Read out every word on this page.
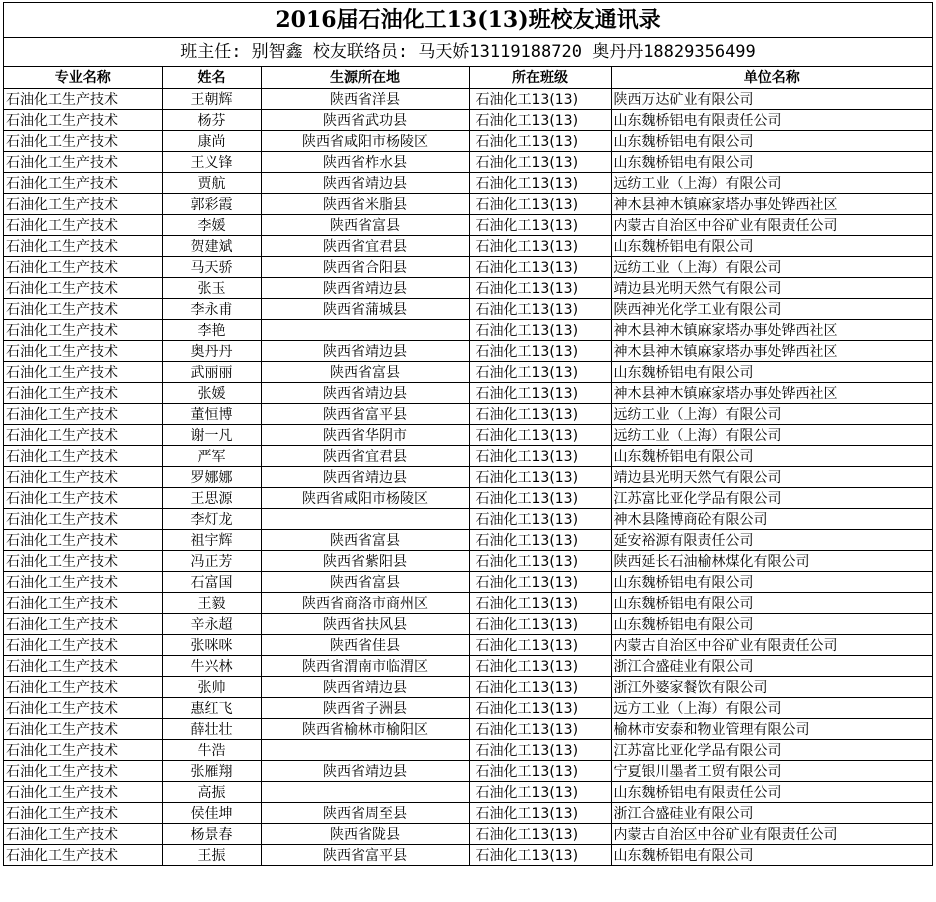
2016届石油化工13(13)班校友通讯录
班主任: 别智鑫 校友联络员: 马天娇13119188720 奥丹丹18829356499
专业名称	姓名	生源所在地	所在班级	单位名称
石油化工生产技术	王朝辉	陕西省洋县	石油化工13(13)	陕西万达矿业有限公司
石油化工生产技术	杨芬	陕西省武功县	石油化工13(13)	山东魏桥铝电有限责任公司
石油化工生产技术	康尚	陕西省咸阳市杨陵区	石油化工13(13)	山东魏桥铝电有限公司
石油化工生产技术	王义锋	陕西省柞水县	石油化工13(13)	山东魏桥铝电有限公司
石油化工生产技术	贾航	陕西省靖边县	石油化工13(13)	远纺工业（上海）有限公司
石油化工生产技术	郭彩霞	陕西省米脂县	石油化工13(13)	神木县神木镇麻家塔办事处铧西社区
石油化工生产技术	李媛	陕西省富县	石油化工13(13)	内蒙古自治区中谷矿业有限责任公司
石油化工生产技术	贺建斌	陕西省宜君县	石油化工13(13)	山东魏桥铝电有限公司
石油化工生产技术	马天骄	陕西省合阳县	石油化工13(13)	远纺工业（上海）有限公司
石油化工生产技术	张玉	陕西省靖边县	石油化工13(13)	靖边县光明天然气有限公司
石油化工生产技术	李永甫	陕西省蒲城县	石油化工13(13)	陕西神光化学工业有限公司
石油化工生产技术	李艳		石油化工13(13)	神木县神木镇麻家塔办事处铧西社区
石油化工生产技术	奥丹丹	陕西省靖边县	石油化工13(13)	神木县神木镇麻家塔办事处铧西社区
石油化工生产技术	武丽丽	陕西省富县	石油化工13(13)	山东魏桥铝电有限公司
石油化工生产技术	张媛	陕西省靖边县	石油化工13(13)	神木县神木镇麻家塔办事处铧西社区
石油化工生产技术	董恒博	陕西省富平县	石油化工13(13)	远纺工业（上海）有限公司
石油化工生产技术	谢一凡	陕西省华阴市	石油化工13(13)	远纺工业（上海）有限公司
石油化工生产技术	严军	陕西省宜君县	石油化工13(13)	山东魏桥铝电有限公司
石油化工生产技术	罗娜娜	陕西省靖边县	石油化工13(13)	靖边县光明天然气有限公司
石油化工生产技术	王思源	陕西省咸阳市杨陵区	石油化工13(13)	江苏富比亚化学品有限公司
石油化工生产技术	李灯龙		石油化工13(13)	神木县隆博商砼有限公司
石油化工生产技术	祖宇辉	陕西省富县	石油化工13(13)	延安裕源有限责任公司
石油化工生产技术	冯正芳	陕西省紫阳县	石油化工13(13)	陕西延长石油榆林煤化有限公司
石油化工生产技术	石富国	陕西省富县	石油化工13(13)	山东魏桥铝电有限公司
石油化工生产技术	王毅	陕西省商洛市商州区	石油化工13(13)	山东魏桥铝电有限公司
石油化工生产技术	辛永超	陕西省扶风县	石油化工13(13)	山东魏桥铝电有限公司
石油化工生产技术	张咪咪	陕西省佳县	石油化工13(13)	内蒙古自治区中谷矿业有限责任公司
石油化工生产技术	牛兴林	陕西省渭南市临渭区	石油化工13(13)	浙江合盛硅业有限公司
石油化工生产技术	张帅	陕西省靖边县	石油化工13(13)	浙江外婆家餐饮有限公司
石油化工生产技术	惠红飞	陕西省子洲县	石油化工13(13)	远方工业（上海）有限公司
石油化工生产技术	薛壮壮	陕西省榆林市榆阳区	石油化工13(13)	榆林市安泰和物业管理有限公司
石油化工生产技术	牛浩		石油化工13(13)	江苏富比亚化学品有限公司
石油化工生产技术	张雁翔	陕西省靖边县	石油化工13(13)	宁夏银川墨者工贸有限公司
石油化工生产技术	高振		石油化工13(13)	山东魏桥铝电有限责任公司
石油化工生产技术	侯佳坤	陕西省周至县	石油化工13(13)	浙江合盛硅业有限公司
石油化工生产技术	杨景春	陕西省陇县	石油化工13(13)	内蒙古自治区中谷矿业有限责任公司
石油化工生产技术	王振	陕西省富平县	石油化工13(13)	山东魏桥铝电有限公司
